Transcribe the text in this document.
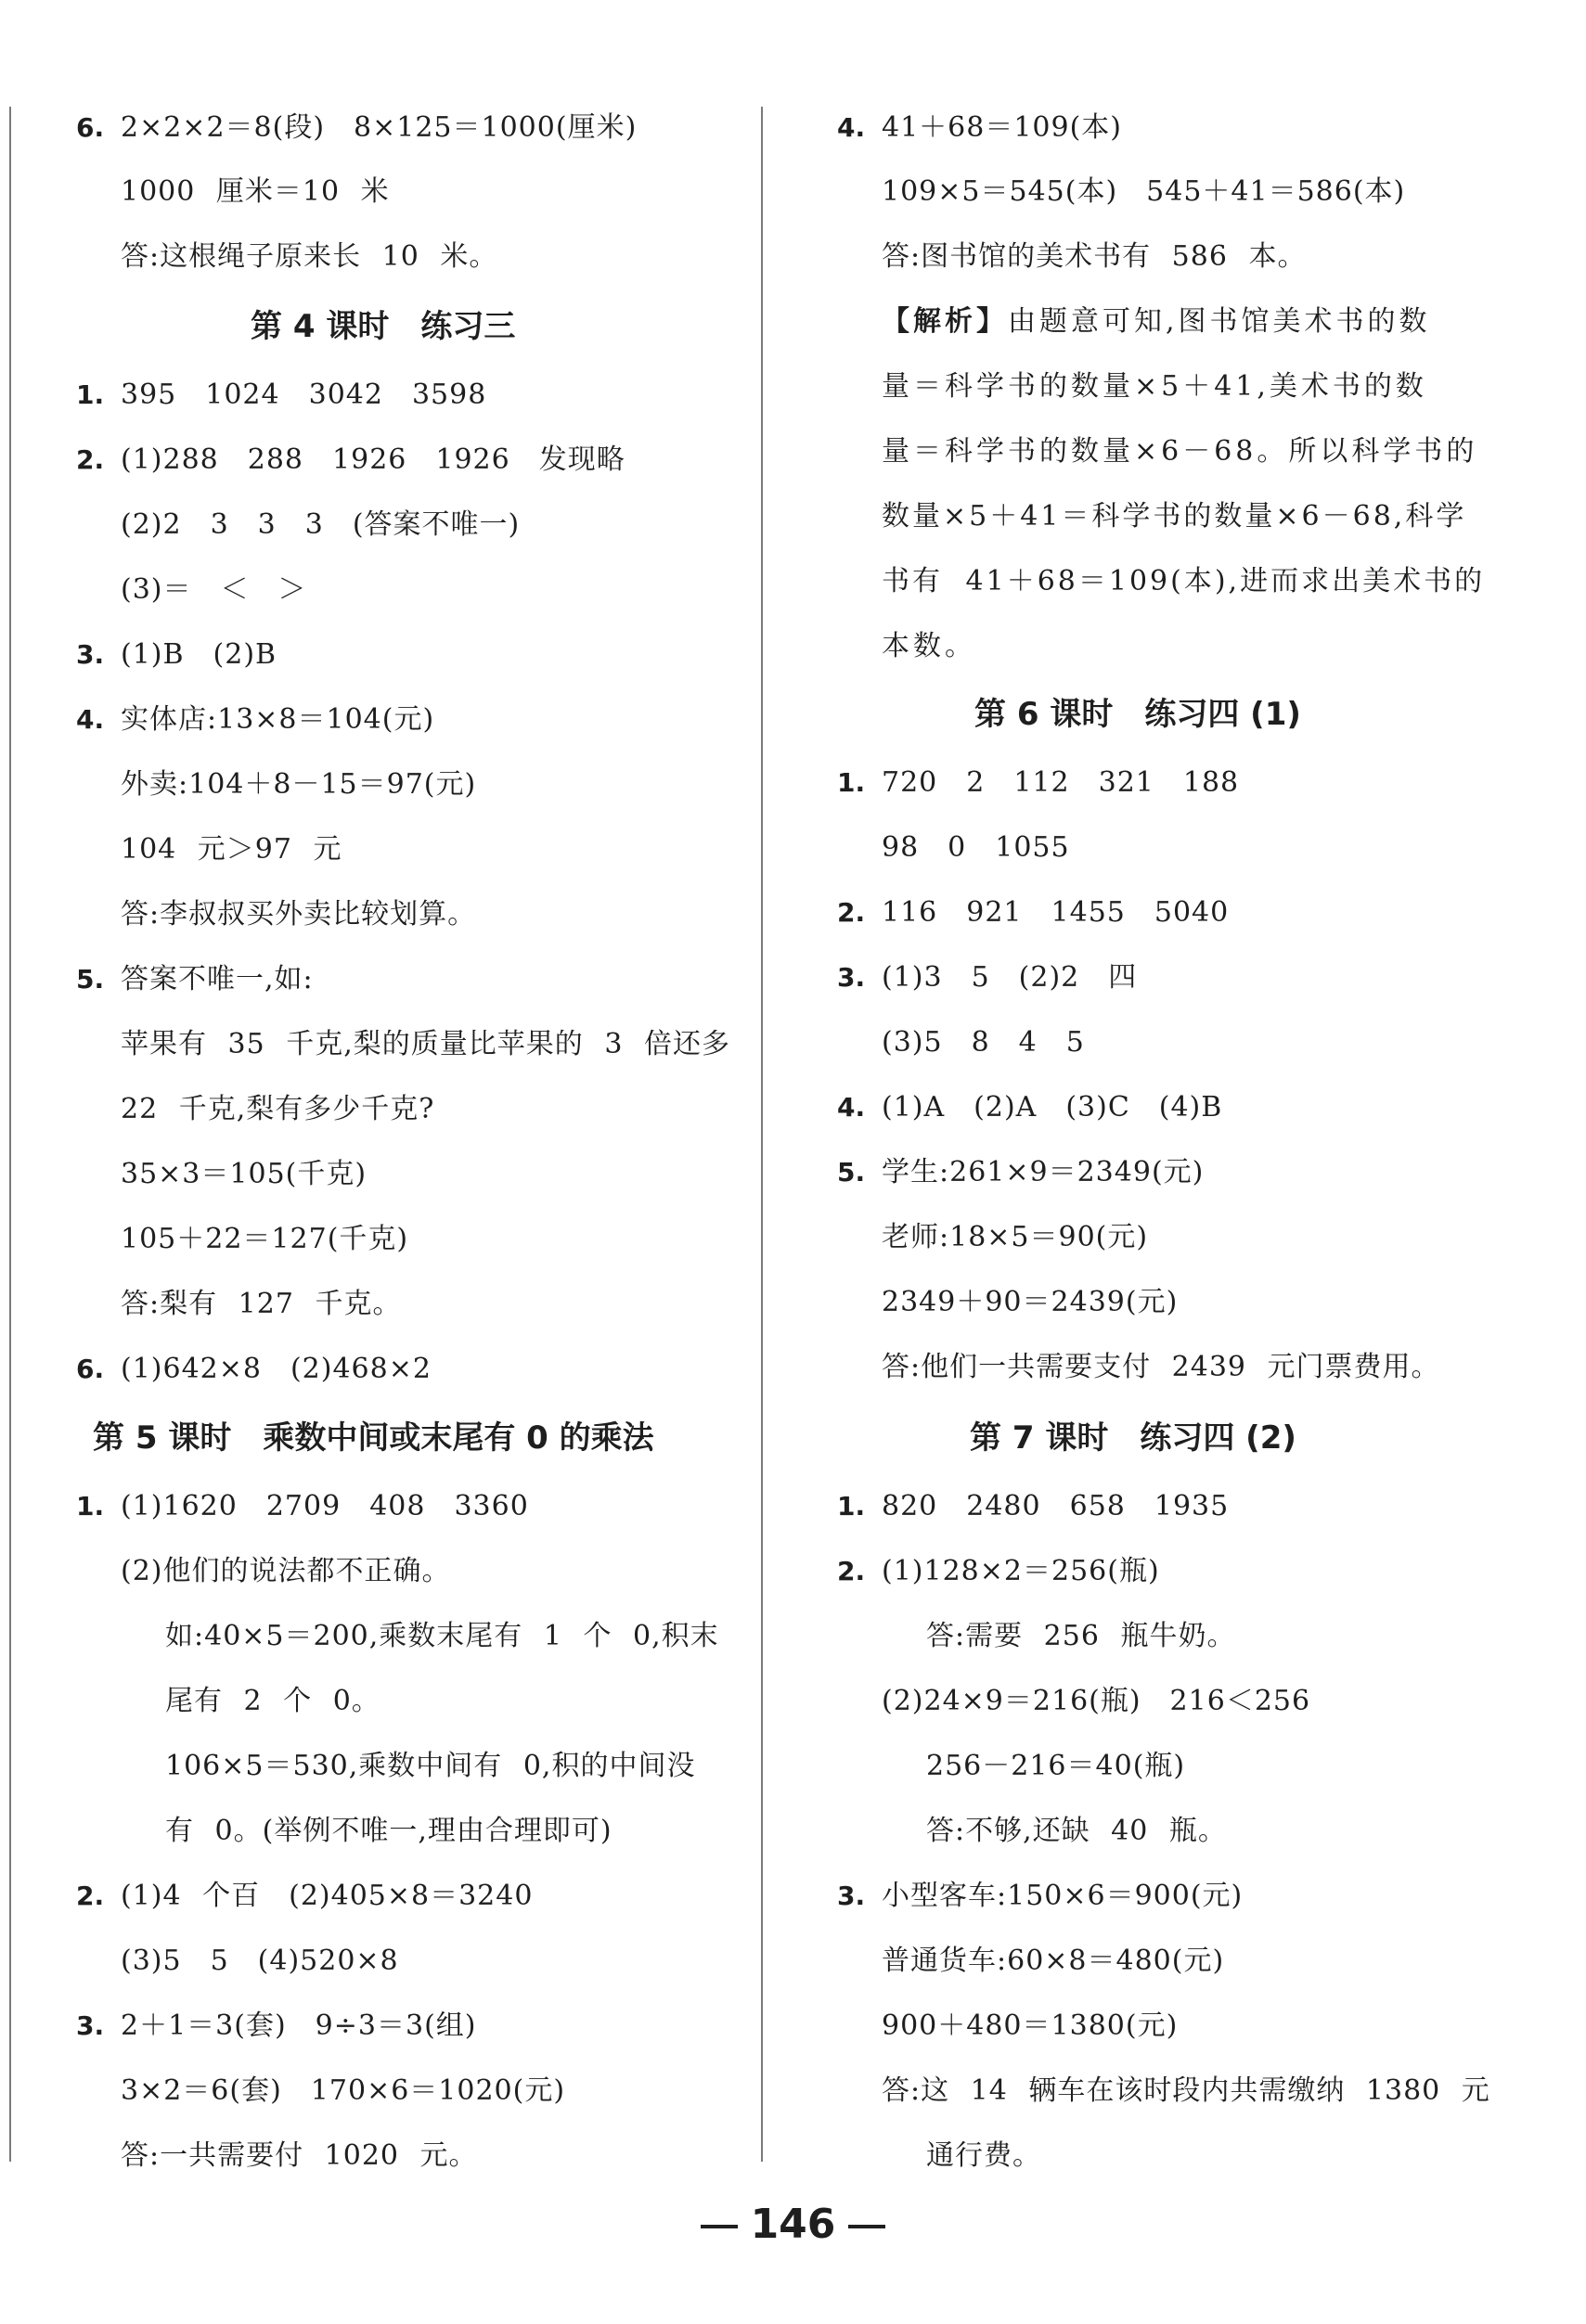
6. 2×2×2＝8(段)　8×125＝1000(厘米)
1000 厘米＝10 米
答:这根绳子原来长 10 米。
第 4 课时 练习三
1. 395　1024　3042　3598
2. (1)288　288　1926　1926　发现略
(2)2　3　3　3　(答案不唯一)
(3)＝　＜　＞
3. (1)B　(2)B
4. 实体店:13×8＝104(元)
外卖:104＋8－15＝97(元)
104 元＞97 元
答:李叔叔买外卖比较划算。
5. 答案不唯一,如:
苹果有 35 千克,梨的质量比苹果的 3 倍还多
22 千克,梨有多少千克?
35×3＝105(千克)
105＋22＝127(千克)
答:梨有 127 千克。
6. (1)642×8　(2)468×2
第 5 课时 乘数中间或末尾有 0 的乘法
1. (1)1620　2709　408　3360
(2)他们的说法都不正确。
如:40×5＝200,乘数末尾有 1 个 0,积末
尾有 2 个 0。
106×5＝530,乘数中间有 0,积的中间没
有 0。(举例不唯一,理由合理即可)
2. (1)4 个百　(2)405×8＝3240
(3)5　5　(4)520×8
3. 2＋1＝3(套)　9÷3＝3(组)
3×2＝6(套)　170×6＝1020(元)
答:一共需要付 1020 元。
4. 41＋68＝109(本)
109×5＝545(本)　545＋41＝586(本)
答:图书馆的美术书有 586 本。
【解析】由题意可知,图书馆美术书的数
量＝科学书的数量×5＋41,美术书的数
量＝科学书的数量×6－68。所以科学书的
数量×5＋41＝科学书的数量×6－68,科学
书有 41＋68＝109(本),进而求出美术书的
本数。
第 6 课时 练习四 (1)
1. 720　2　112　321　188
98　0　1055
2. 116　921　1455　5040
3. (1)3　5　(2)2　四
(3)5　8　4　5
4. (1)A　(2)A　(3)C　(4)B
5. 学生:261×9＝2349(元)
老师:18×5＝90(元)
2349＋90＝2439(元)
答:他们一共需要支付 2439 元门票费用。
第 7 课时 练习四 (2)
1. 820　2480　658　1935
2. (1)128×2＝256(瓶)
答:需要 256 瓶牛奶。
(2)24×9＝216(瓶)　216＜256
256－216＝40(瓶)
答:不够,还缺 40 瓶。
3. 小型客车:150×6＝900(元)
普通货车:60×8＝480(元)
900＋480＝1380(元)
答:这 14 辆车在该时段内共需缴纳 1380 元
通行费。
146
